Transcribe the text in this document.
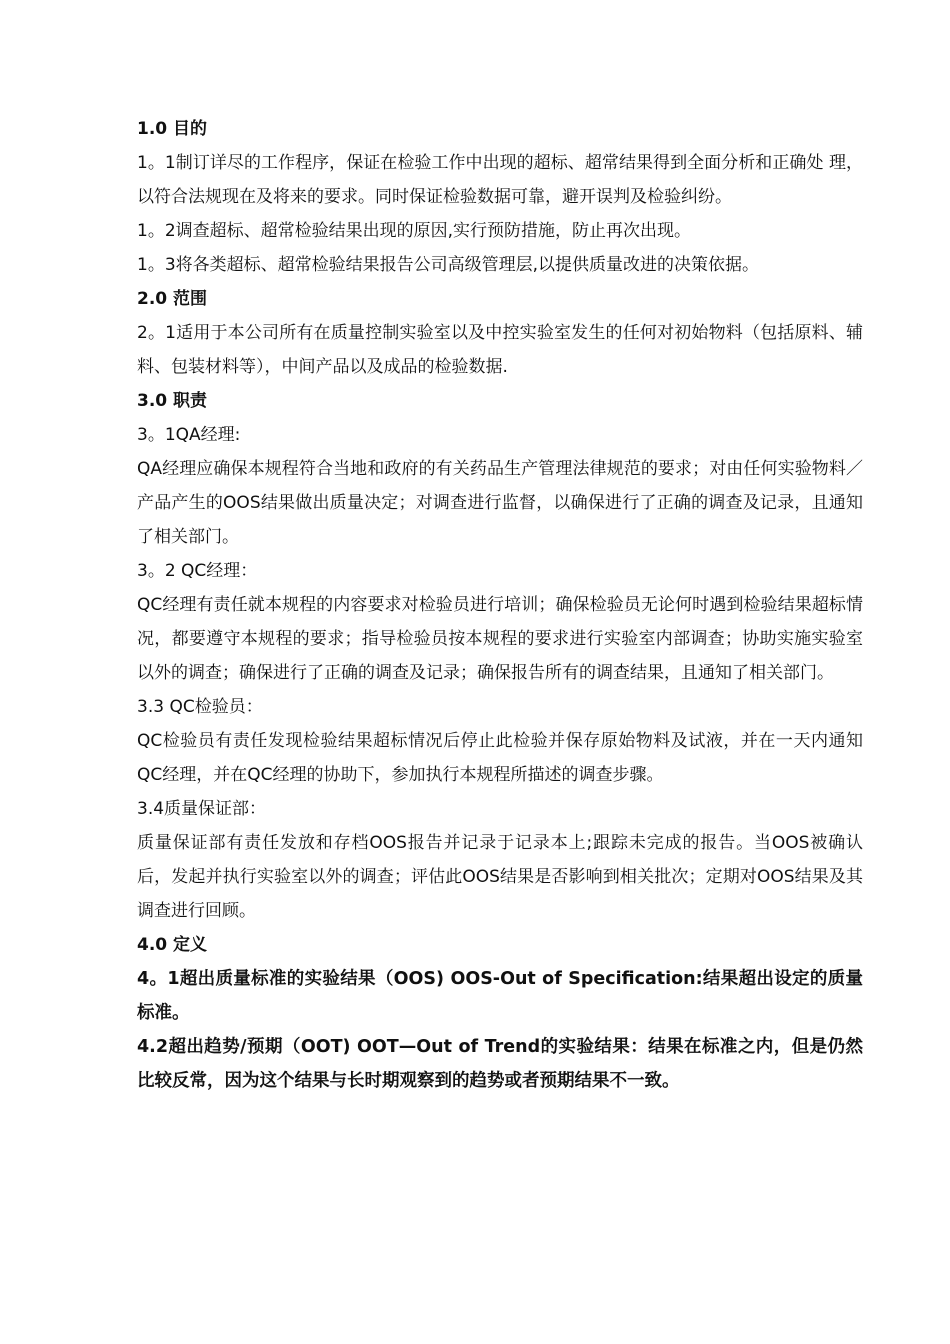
1.0 目的

1。1制订详尽的工作程序，保证在检验工作中出现的超标、超常结果得到全面分析和正确处 理，以符合法规现在及将来的要求。同时保证检验数据可靠，避开误判及检验纠纷。

1。2调查超标、超常检验结果出现的原因,实行预防措施，防止再次出现。

1。3将各类超标、超常检验结果报告公司高级管理层,以提供质量改进的决策依据。

2.0 范围

2。1适用于本公司所有在质量控制实验室以及中控实验室发生的任何对初始物料（包括原料、辅料、包装材料等），中间产品以及成品的检验数据.

3.0 职责

3。1QA经理:

QA经理应确保本规程符合当地和政府的有关药品生产管理法律规范的要求；对由任何实验物料／产品产生的OOS结果做出质量决定；对调查进行监督，以确保进行了正确的调查及记录，且通知了相关部门。

3。2 QC经理：

QC经理有责任就本规程的内容要求对检验员进行培训；确保检验员无论何时遇到检验结果超标情况，都要遵守本规程的要求；指导检验员按本规程的要求进行实验室内部调查；协助实施实验室以外的调查；确保进行了正确的调查及记录；确保报告所有的调查结果，且通知了相关部门。

3.3 QC检验员：

QC检验员有责任发现检验结果超标情况后停止此检验并保存原始物料及试液，并在一天内通知QC经理，并在QC经理的协助下，参加执行本规程所描述的调查步骤。

3.4质量保证部：

质量保证部有责任发放和存档OOS报告并记录于记录本上;跟踪未完成的报告。当OOS被确认后，发起并执行实验室以外的调查；评估此OOS结果是否影响到相关批次；定期对OOS结果及其调查进行回顾。

4.0 定义

4。1超出质量标准的实验结果（OOS) OOS-Out of Specification:结果超出设定的质量标准。

4.2超出趋势/预期（OOT) OOT—Out of Trend的实验结果：结果在标准之内，但是仍然比较反常，因为这个结果与长时期观察到的趋势或者预期结果不一致。
